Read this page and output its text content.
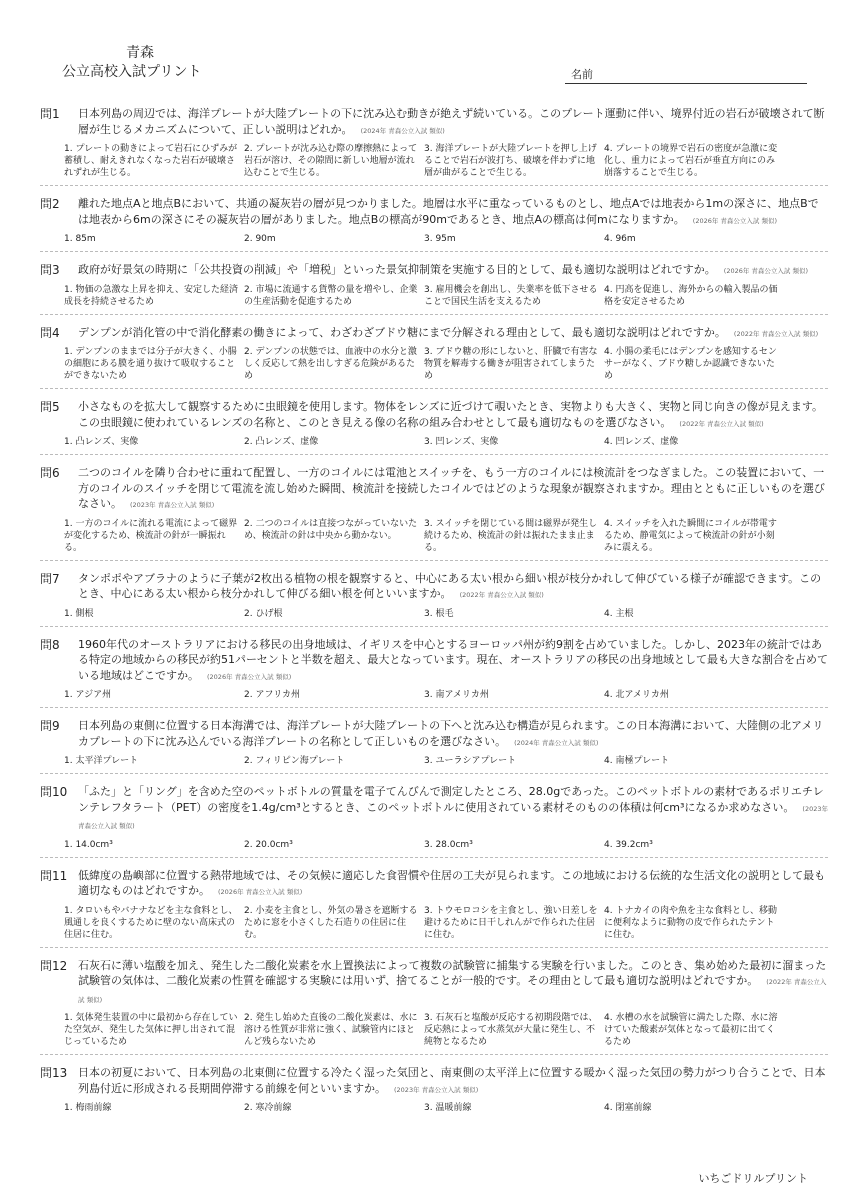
青森
公立高校入試プリント	名前
問1	日本列島の周辺では、海洋プレートが大陸プレートの下に沈み込む動きが絶えず続いている。このプレート運動に伴い、境界付近の岩石が破壊されて断層が生じるメカニズムについて、正しい説明はどれか。 (2024年 青森公立入試 類似)
1. プレートの動きによって岩石にひずみが蓄積し、耐えきれなくなった岩石が破壊されずれが生じる。
2. プレートが沈み込む際の摩擦熱によって岩石が溶け、その隙間に新しい地層が流れ込むことで生じる。
3. 海洋プレートが大陸プレートを押し上げることで岩石が波打ち、破壊を伴わずに地層が曲がることで生じる。
4. プレートの境界で岩石の密度が急激に変化し、重力によって岩石が垂直方向にのみ崩落することで生じる。
問2	離れた地点Aと地点Bにおいて、共通の凝灰岩の層が見つかりました。地層は水平に重なっているものとし、地点Aでは地表から1mの深さに、地点Bでは地表から6mの深さにその凝灰岩の層がありました。地点Bの標高が90mであるとき、地点Aの標高は何mになりますか。 (2026年 青森公立入試 類似)
1. 85m	2. 90m	3. 95m	4. 96m
問3	政府が好景気の時期に「公共投資の削減」や「増税」といった景気抑制策を実施する目的として、最も適切な説明はどれですか。 (2026年 青森公立入試 類似)
1. 物価の急激な上昇を抑え、安定した経済成長を持続させるため
2. 市場に流通する貨幣の量を増やし、企業の生産活動を促進するため
3. 雇用機会を創出し、失業率を低下させることで国民生活を支えるため
4. 円高を促進し、海外からの輸入製品の価格を安定させるため
問4	デンプンが消化管の中で消化酵素の働きによって、わざわざブドウ糖にまで分解される理由として、最も適切な説明はどれですか。 (2022年 青森公立入試 類似)
1. デンプンのままでは分子が大きく、小腸の細胞にある膜を通り抜けて吸収することができないため
2. デンプンの状態では、血液中の水分と激しく反応して熱を出しすぎる危険があるため
3. ブドウ糖の形にしないと、肝臓で有害な物質を解毒する働きが阻害されてしまうため
4. 小腸の柔毛にはデンプンを感知するセンサーがなく、ブドウ糖しか認識できないため
問5	小さなものを拡大して観察するために虫眼鏡を使用します。物体をレンズに近づけて覗いたとき、実物よりも大きく、実物と同じ向きの像が見えます。この虫眼鏡に使われているレンズの名称と、このとき見える像の名称の組み合わせとして最も適切なものを選びなさい。 (2022年 青森公立入試 類似)
1. 凸レンズ、実像	2. 凸レンズ、虚像	3. 凹レンズ、実像	4. 凹レンズ、虚像
問6	二つのコイルを隣り合わせに重ねて配置し、一方のコイルには電池とスイッチを、もう一方のコイルには検流計をつなぎました。この装置において、一方のコイルのスイッチを閉じて電流を流し始めた瞬間、検流計を接続したコイルではどのような現象が観察されますか。理由とともに正しいものを選びなさい。 (2023年 青森公立入試 類似)
1. 一方のコイルに流れる電流によって磁界が変化するため、検流計の針が一瞬振れる。
2. 二つのコイルは直接つながっていないため、検流計の針は中央から動かない。
3. スイッチを閉じている間は磁界が発生し続けるため、検流計の針は振れたまま止まる。
4. スイッチを入れた瞬間にコイルが帯電するため、静電気によって検流計の針が小刻みに震える。
問7	タンポポやアブラナのように子葉が2枚出る植物の根を観察すると、中心にある太い根から細い根が枝分かれして伸びている様子が確認できます。このとき、中心にある太い根から枝分かれして伸びる細い根を何といいますか。 (2022年 青森公立入試 類似)
1. 側根	2. ひげ根	3. 根毛	4. 主根
問8	1960年代のオーストラリアにおける移民の出身地域は、イギリスを中心とするヨーロッパ州が約9割を占めていました。しかし、2023年の統計ではある特定の地域からの移民が約51パーセントと半数を超え、最大となっています。現在、オーストラリアの移民の出身地域として最も大きな割合を占めている地域はどこですか。 (2026年 青森公立入試 類似)
1. アジア州	2. アフリカ州	3. 南アメリカ州	4. 北アメリカ州
問9	日本列島の東側に位置する日本海溝では、海洋プレートが大陸プレートの下へと沈み込む構造が見られます。この日本海溝において、大陸側の北アメリカプレートの下に沈み込んでいる海洋プレートの名称として正しいものを選びなさい。 (2024年 青森公立入試 類似)
1. 太平洋プレート	2. フィリピン海プレート	3. ユーラシアプレート	4. 南極プレート
問10 「ふた」と「リング」を含めた空のペットボトルの質量を電子てんびんで測定したところ、28.0gであった。このペットボトルの素材であるポリエチレンテレフタラート（PET）の密度を1.4g/cm³とするとき、このペットボトルに使用されている素材そのものの体積は何cm³になるか求めなさい。 (2023年 青森公立入試 類似)
1. 14.0cm³	2. 20.0cm³	3. 28.0cm³	4. 39.2cm³
問11 低緯度の島嶼部に位置する熱帯地域では、その気候に適応した食習慣や住居の工夫が見られます。この地域における伝統的な生活文化の説明として最も適切なものはどれですか。 (2026年 青森公立入試 類似)
1. タロいもやバナナなどを主な食料とし、風通しを良くするために壁のない高床式の住居に住む。
2. 小麦を主食とし、外気の暑さを遮断するために窓を小さくした石造りの住居に住む。
3. トウモロコシを主食とし、強い日差しを避けるために日干しれんがで作られた住居に住む。
4. トナカイの肉や魚を主な食料とし、移動に便利なように動物の皮で作られたテントに住む。
問12 石灰石に薄い塩酸を加え、発生した二酸化炭素を水上置換法によって複数の試験管に捕集する実験を行いました。このとき、集め始めた最初に溜まった試験管の気体は、二酸化炭素の性質を確認する実験には用いず、捨てることが一般的です。その理由として最も適切な説明はどれですか。 (2022年 青森公立入試 類似)
1. 気体発生装置の中に最初から存在していた空気が、発生した気体に押し出されて混じっているため
2. 発生し始めた直後の二酸化炭素は、水に溶ける性質が非常に強く、試験管内にほとんど残らないため
3. 石灰石と塩酸が反応する初期段階では、反応熱によって水蒸気が大量に発生し、不純物となるため
4. 水槽の水を試験管に満たした際、水に溶けていた酸素が気体となって最初に出てくるため
問13 日本の初夏において、日本列島の北東側に位置する冷たく湿った気団と、南東側の太平洋上に位置する暖かく湿った気団の勢力がつり合うことで、日本列島付近に形成される長期間停滞する前線を何といいますか。 (2023年 青森公立入試 類似)
1. 梅雨前線	2. 寒冷前線	3. 温暖前線	4. 閉塞前線
いちごドリルプリント
